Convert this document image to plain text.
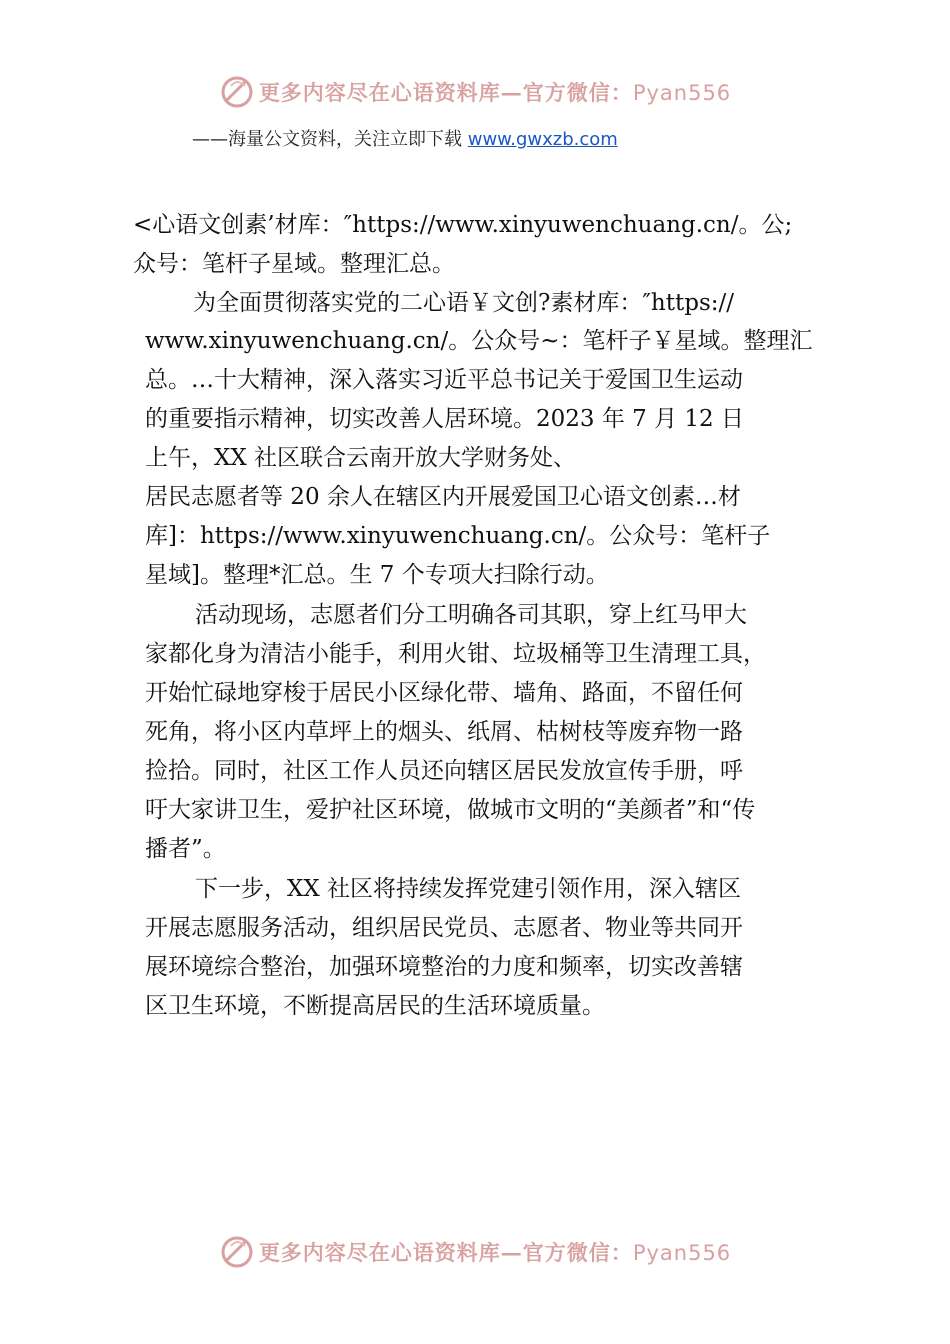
更多内容尽在心语资料库—官方微信：Pyan556
——海量公文资料，关注立即下载 www.gwxzb.com
<心语文创素’材库：″https://www.xinyuwenchuang.cn/。公;
众号：笔杆子星域。整理汇总。
为全面贯彻落实党的二心语￥文创?素材库：″https://
www.xinyuwenchuang.cn/。公众号~：笔杆子￥星域。整理汇
总。…十大精神，深入落实习近平总书记关于爱国卫生运动
的重要指示精神，切实改善人居环境。2023 年 7 月 12 日
上午，XX 社区联合云南开放大学财务处、
居民志愿者等 20 余人在辖区内开展爱国卫心语文创素…材
库]：https://www.xinyuwenchuang.cn/。公众号：笔杆子
星域]。整理*汇总。生 7 个专项大扫除行动。
活动现场，志愿者们分工明确各司其职，穿上红马甲大
家都化身为清洁小能手，利用火钳、垃圾桶等卫生清理工具，
开始忙碌地穿梭于居民小区绿化带、墙角、路面，不留任何
死角，将小区内草坪上的烟头、纸屑、枯树枝等废弃物一路
捡拾。同时，社区工作人员还向辖区居民发放宣传手册，呼
吁大家讲卫生，爱护社区环境，做城市文明的“美颜者”和“传
播者”。
下一步，XX 社区将持续发挥党建引领作用，深入辖区
开展志愿服务活动，组织居民党员、志愿者、物业等共同开
展环境综合整治，加强环境整治的力度和频率，切实改善辖
区卫生环境，不断提高居民的生活环境质量。
更多内容尽在心语资料库—官方微信：Pyan556
